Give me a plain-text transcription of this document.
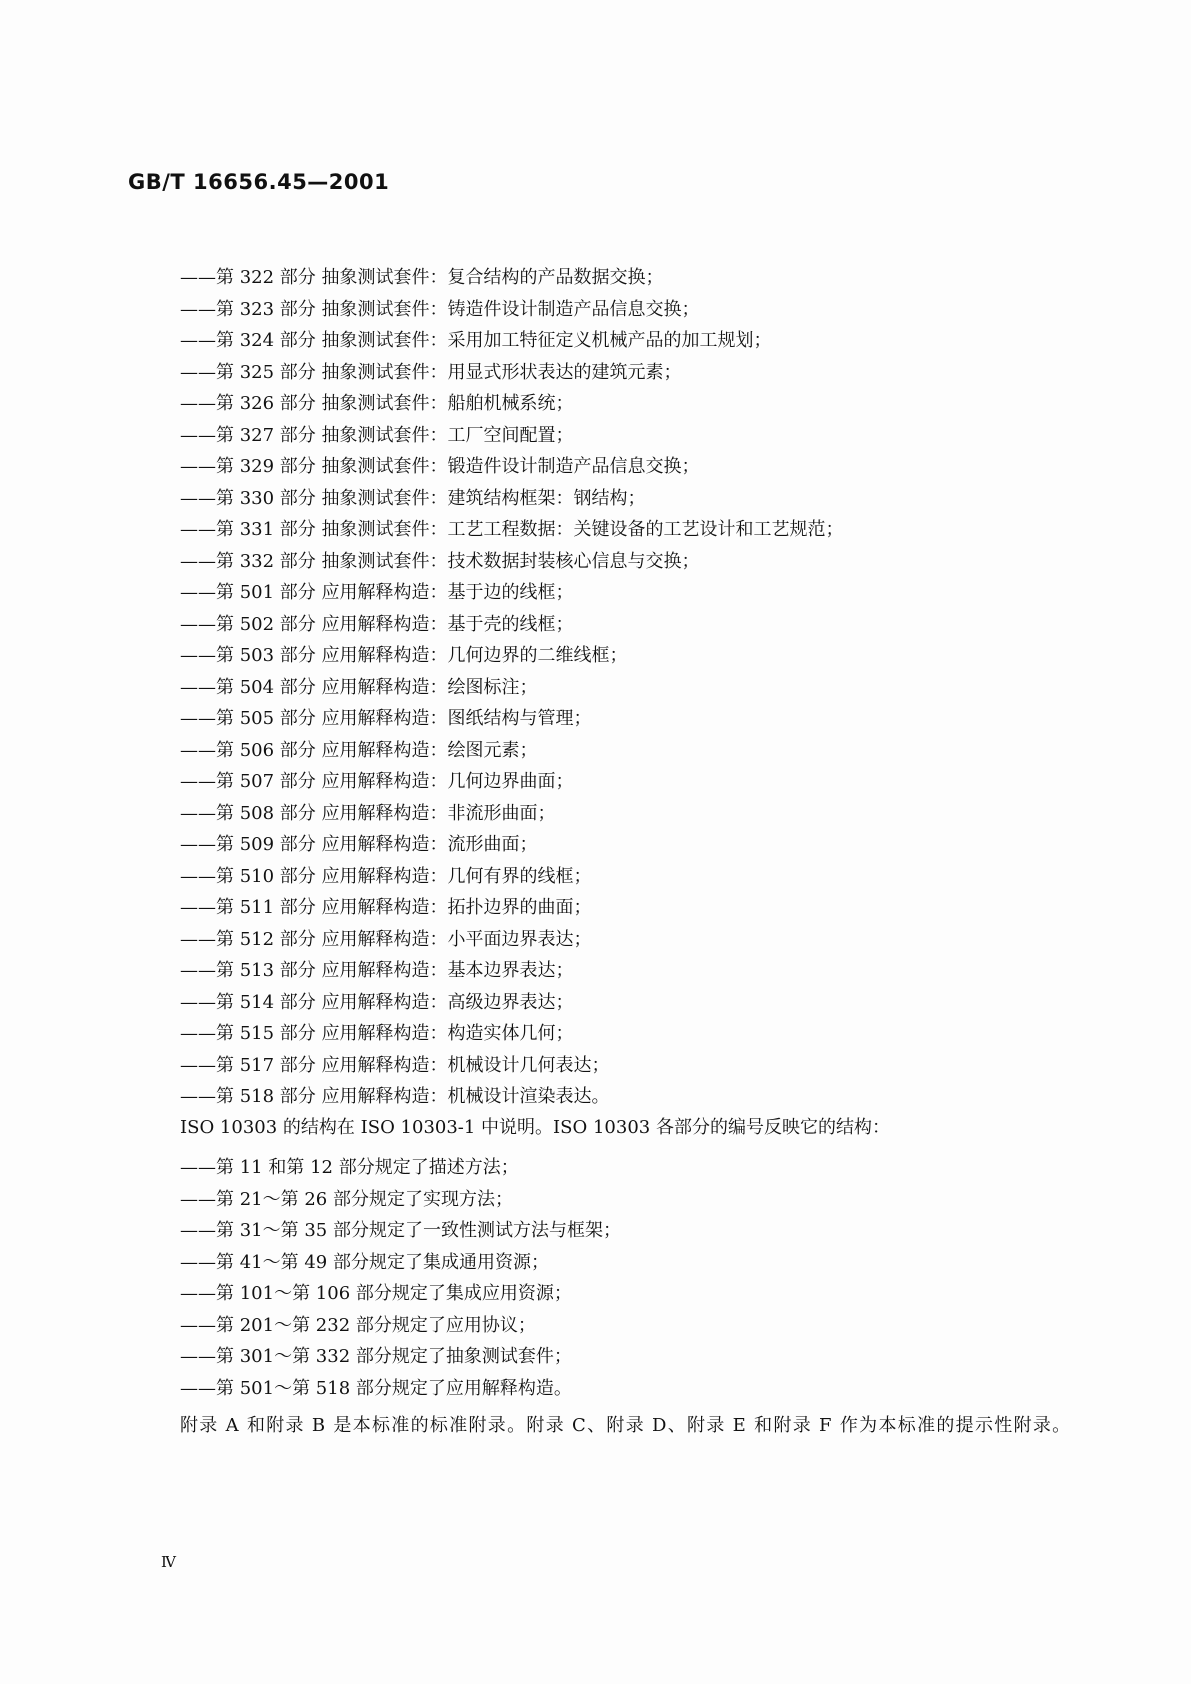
GB/T 16656.45—2001
——第 322 部分 抽象测试套件：复合结构的产品数据交换；
——第 323 部分 抽象测试套件：铸造件设计制造产品信息交换；
——第 324 部分 抽象测试套件：采用加工特征定义机械产品的加工规划；
——第 325 部分 抽象测试套件：用显式形状表达的建筑元素；
——第 326 部分 抽象测试套件：船舶机械系统；
——第 327 部分 抽象测试套件：工厂空间配置；
——第 329 部分 抽象测试套件：锻造件设计制造产品信息交换；
——第 330 部分 抽象测试套件：建筑结构框架：钢结构；
——第 331 部分 抽象测试套件：工艺工程数据：关键设备的工艺设计和工艺规范；
——第 332 部分 抽象测试套件：技术数据封装核心信息与交换；
——第 501 部分 应用解释构造：基于边的线框；
——第 502 部分 应用解释构造：基于壳的线框；
——第 503 部分 应用解释构造：几何边界的二维线框；
——第 504 部分 应用解释构造：绘图标注；
——第 505 部分 应用解释构造：图纸结构与管理；
——第 506 部分 应用解释构造：绘图元素；
——第 507 部分 应用解释构造：几何边界曲面；
——第 508 部分 应用解释构造：非流形曲面；
——第 509 部分 应用解释构造：流形曲面；
——第 510 部分 应用解释构造：几何有界的线框；
——第 511 部分 应用解释构造：拓扑边界的曲面；
——第 512 部分 应用解释构造：小平面边界表达；
——第 513 部分 应用解释构造：基本边界表达；
——第 514 部分 应用解释构造：高级边界表达；
——第 515 部分 应用解释构造：构造实体几何；
——第 517 部分 应用解释构造：机械设计几何表达；
——第 518 部分 应用解释构造：机械设计渲染表达。
ISO 10303 的结构在 ISO 10303-1 中说明。ISO 10303 各部分的编号反映它的结构：
——第 11 和第 12 部分规定了描述方法；
——第 21～第 26 部分规定了实现方法；
——第 31～第 35 部分规定了一致性测试方法与框架；
——第 41～第 49 部分规定了集成通用资源；
——第 101～第 106 部分规定了集成应用资源；
——第 201～第 232 部分规定了应用协议；
——第 301～第 332 部分规定了抽象测试套件；
——第 501～第 518 部分规定了应用解释构造。
附录 A 和附录 B 是本标准的标准附录。附录 C、附录 D、附录 E 和附录 F 作为本标准的提示性附录。
Ⅳ
